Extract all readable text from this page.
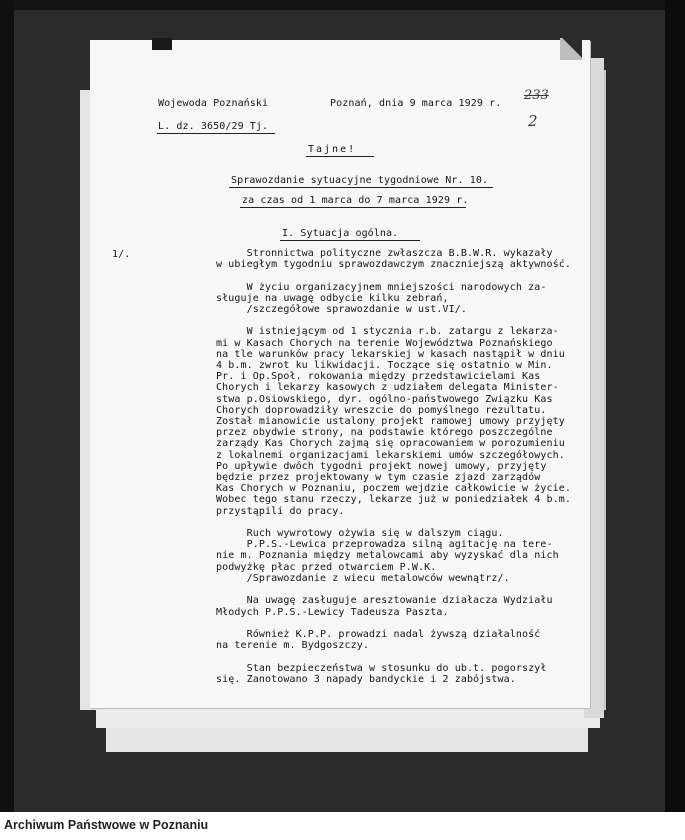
Wojewoda Poznański	Poznań, dnia 9 marca 1929 r.
L. dz. 3650/29 Tj.
233
2
Tajne!
Sprawozdanie sytuacyjne tygodniowe Nr. 10.
za czas od 1 marca do 7 marca 1929 r.
I. Sytuacja ogólna.
1/.	Stronnictwa polityczne zwłaszcza B.B.W.R. wykazały
w ubiegłym tygodniu sprawozdawczym znaczniejszą aktywność.

W życiu organizacyjnem mniejszości narodowych za-
sługuje na uwagę odbycie kilku zebrań,
/szczegółowe sprawozdanie w ust.VI/.

W istniejącym od 1 stycznia r.b. zatargu z lekarza-
mi w Kasach Chorych na terenie Województwa Poznańskiego
na tle warunków pracy lekarskiej w kasach nastąpił w dniu
4 b.m. zwrot ku likwidacji. Toczące się ostatnio w Min.
Pr. i Op.Społ. rokowania między przedstawicielami Kas
Chorych i lekarzy kasowych z udziałem delegata Minister-
stwa p.Osiowskiego, dyr. ogólno-państwowego Związku Kas
Chorych doprowadziły wreszcie do pomyślnego rezultatu.
Został mianowicie ustalony projekt ramowej umowy przyjęty
przez obydwie strony, na podstawie którego poszczególne
zarządy Kas Chorych zajmą się opracowaniem w porozumieniu
z lokalnemi organizacjami lekarskiemi umów szczegółowych.
Po upływie dwóch tygodni projekt nowej umowy, przyjęty
będzie przez projektowany w tym czasie zjazd zarządów
Kas Chorych w Poznaniu, poczem wejdzie całkowicie w życie.
Wobec tego stanu rzeczy, lekarze już w poniedziałek 4 b.m.
przystąpili do pracy.

Ruch wywrotowy ożywia się w dalszym ciągu.
P.P.S.-Lewica przeprowadza silną agitację na tere-
nie m. Poznania między metalowcami aby wyzyskać dla nich
podwyżkę płac przed otwarciem P.W.K.
/Sprawozdanie z wiecu metalowców wewnątrz/.

Na uwagę zasługuje aresztowanie działacza Wydziału
Młodych P.P.S.-Lewicy Tadeusza Paszta.

Również K.P.P. prowadzi nadal żywszą działalność
na terenie m. Bydgoszczy.

Stan bezpieczeństwa w stosunku do ub.t. pogorszył
się. Zanotowano 3 napady bandyckie i 2 zabójstwa.
Archiwum Państwowe w Poznaniu
